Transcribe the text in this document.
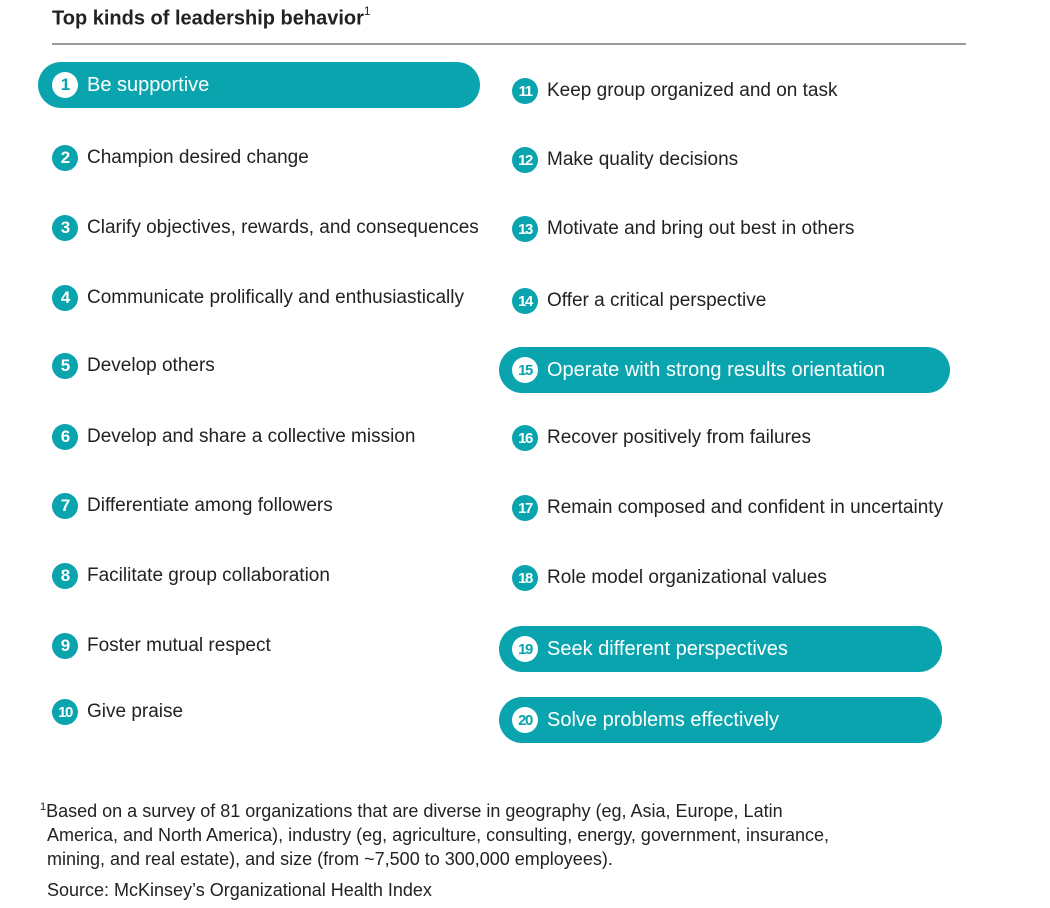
Top kinds of leadership behavior$^1$
1 Be supportive
2 Champion desired change
3 Clarify objectives, rewards, and consequences
4 Communicate prolifically and enthusiastically
5 Develop others
6 Develop and share a collective mission
7 Differentiate among followers
8 Facilitate group collaboration
9 Foster mutual respect
10 Give praise
11 Keep group organized and on task
12 Make quality decisions
13 Motivate and bring out best in others
14 Offer a critical perspective
15 Operate with strong results orientation
16 Recover positively from failures
17 Remain composed and confident in uncertainty
18 Role model organizational values
19 Seek different perspectives
20 Solve problems effectively
$^1$Based on a survey of 81 organizations that are diverse in geography (eg, Asia, Europe, Latin
America, and North America), industry (eg, agriculture, consulting, energy, government, insurance,
mining, and real estate), and size (from ~7,500 to 300,000 employees).
Source: McKinsey’s Organizational Health Index
